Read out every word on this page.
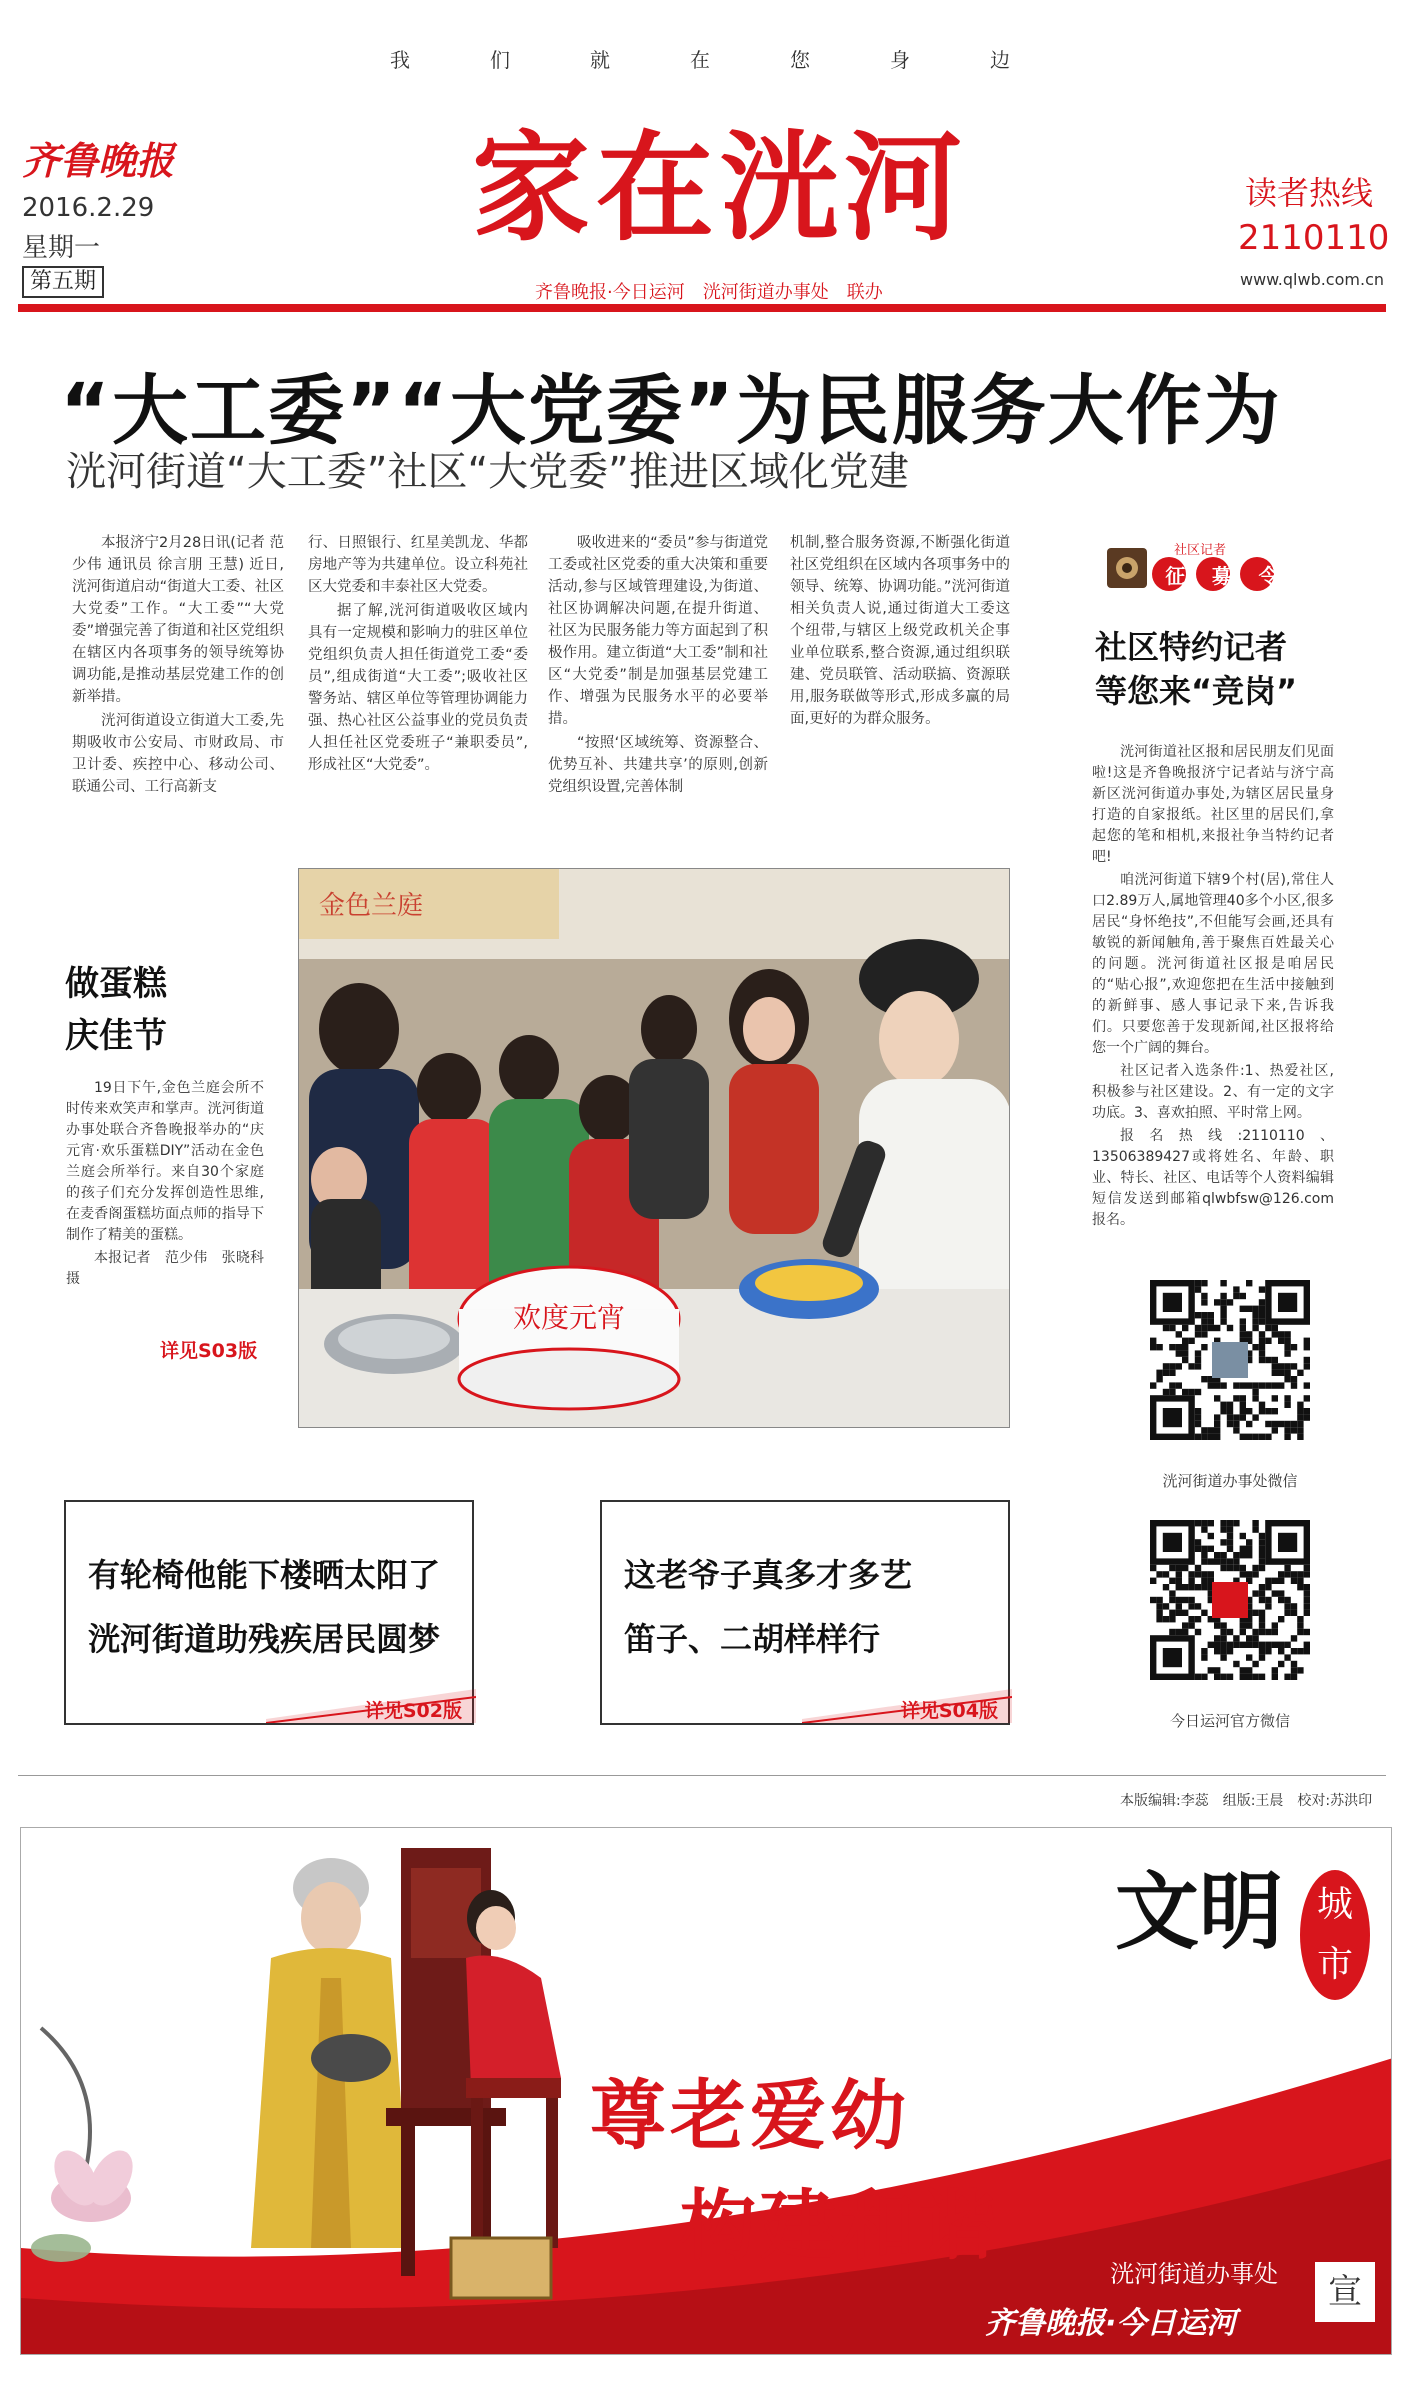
我	们	就	在	您	身	边
齐鲁晚报
2016.2.29
星期一
第五期
家在洸河
齐鲁晚报·今日运河　洸河街道办事处　联办
读者热线
2110110
www.qlwb.com.cn
“大工委”“大党委”为民服务大作为
洸河街道“大工委”社区“大党委”推进区域化党建

本报济宁2月28日讯(记者 范少伟 通讯员 徐言朋 王慧) 近日,洸河街道启动“街道大工委、社区大党委”工作。“大工委”“大党委”增强完善了街道和社区党组织在辖区内各项事务的领导统筹协调功能,是推动基层党建工作的创新举措。

洸河街道设立街道大工委,先期吸收市公安局、市财政局、市卫计委、疾控中心、移动公司、联通公司、工行高新支

行、日照银行、红星美凯龙、华都房地产等为共建单位。设立科苑社区大党委和丰泰社区大党委。

据了解,洸河街道吸收区域内具有一定规模和影响力的驻区单位党组织负责人担任街道党工委“委员”,组成街道“大工委”;吸收社区警务站、辖区单位等管理协调能力强、热心社区公益事业的党员负责人担任社区党委班子“兼职委员”,形成社区“大党委”。

吸收进来的“委员”参与街道党工委或社区党委的重大决策和重要活动,参与区域管理建设,为街道、社区协调解决问题,在提升街道、社区为民服务能力等方面起到了积极作用。建立街道“大工委”制和社区“大党委”制是加强基层党建工作、增强为民服务水平的必要举措。

“按照‘区域统筹、资源整合、优势互补、共建共享’的原则,创新党组织设置,完善体制

机制,整合服务资源,不断强化街道社区党组织在区域内各项事务中的领导、统筹、协调功能。”洸河街道相关负责人说,通过街道大工委这个纽带,与辖区上级党政机关企事业单位联系,整合资源,通过组织联建、党员联管、活动联搞、资源联用,服务联做等形式,形成多赢的局面,更好的为群众服务。

社区记者
征 募 令
社区特约记者
等您来“竞岗”

洸河街道社区报和居民朋友们见面啦!这是齐鲁晚报济宁记者站与济宁高新区洸河街道办事处,为辖区居民量身打造的自家报纸。社区里的居民们,拿起您的笔和相机,来报社争当特约记者吧!

咱洸河街道下辖9个村(居),常住人口2.89万人,属地管理40多个小区,很多居民“身怀绝技”,不但能写会画,还具有敏锐的新闻触角,善于聚焦百姓最关心的问题。洸河街道社区报是咱居民的“贴心报”,欢迎您把在生活中接触到的新鲜事、感人事记录下来,告诉我们。只要您善于发现新闻,社区报将给您一个广阔的舞台。

社区记者入选条件:1、热爱社区,积极参与社区建设。2、有一定的文字功底。3、喜欢拍照、平时常上网。

报名热线:2110110、13506389427或将姓名、年龄、职业、特长、社区、电话等个人资料编辑短信发送到邮箱qlwbfsw@126.com报名。

洸河街道办事处微信
今日运河官方微信
做蛋糕
庆佳节

19日下午,金色兰庭会所不时传来欢笑声和掌声。洸河街道办事处联合齐鲁晚报举办的“庆元宵·欢乐蛋糕DIY”活动在金色兰庭会所举行。来自30个家庭的孩子们充分发挥创造性思维,在麦香阁蛋糕坊面点师的指导下制作了精美的蛋糕。

本报记者　范少伟　张晓科　摄

详见S03版
金色兰庭
欢度元宵
有轮椅他能下楼晒太阳了
洸河街道助残疾居民圆梦
详见S02版
这老爷子真多才多艺
笛子、二胡样样行
详见S04版
本版编辑:李蕊　组版:王晨　校对:苏洪印
尊老爱幼
构建和谐
文明 城
市
洸河街道办事处
齐鲁晚报·今日运河
宣
